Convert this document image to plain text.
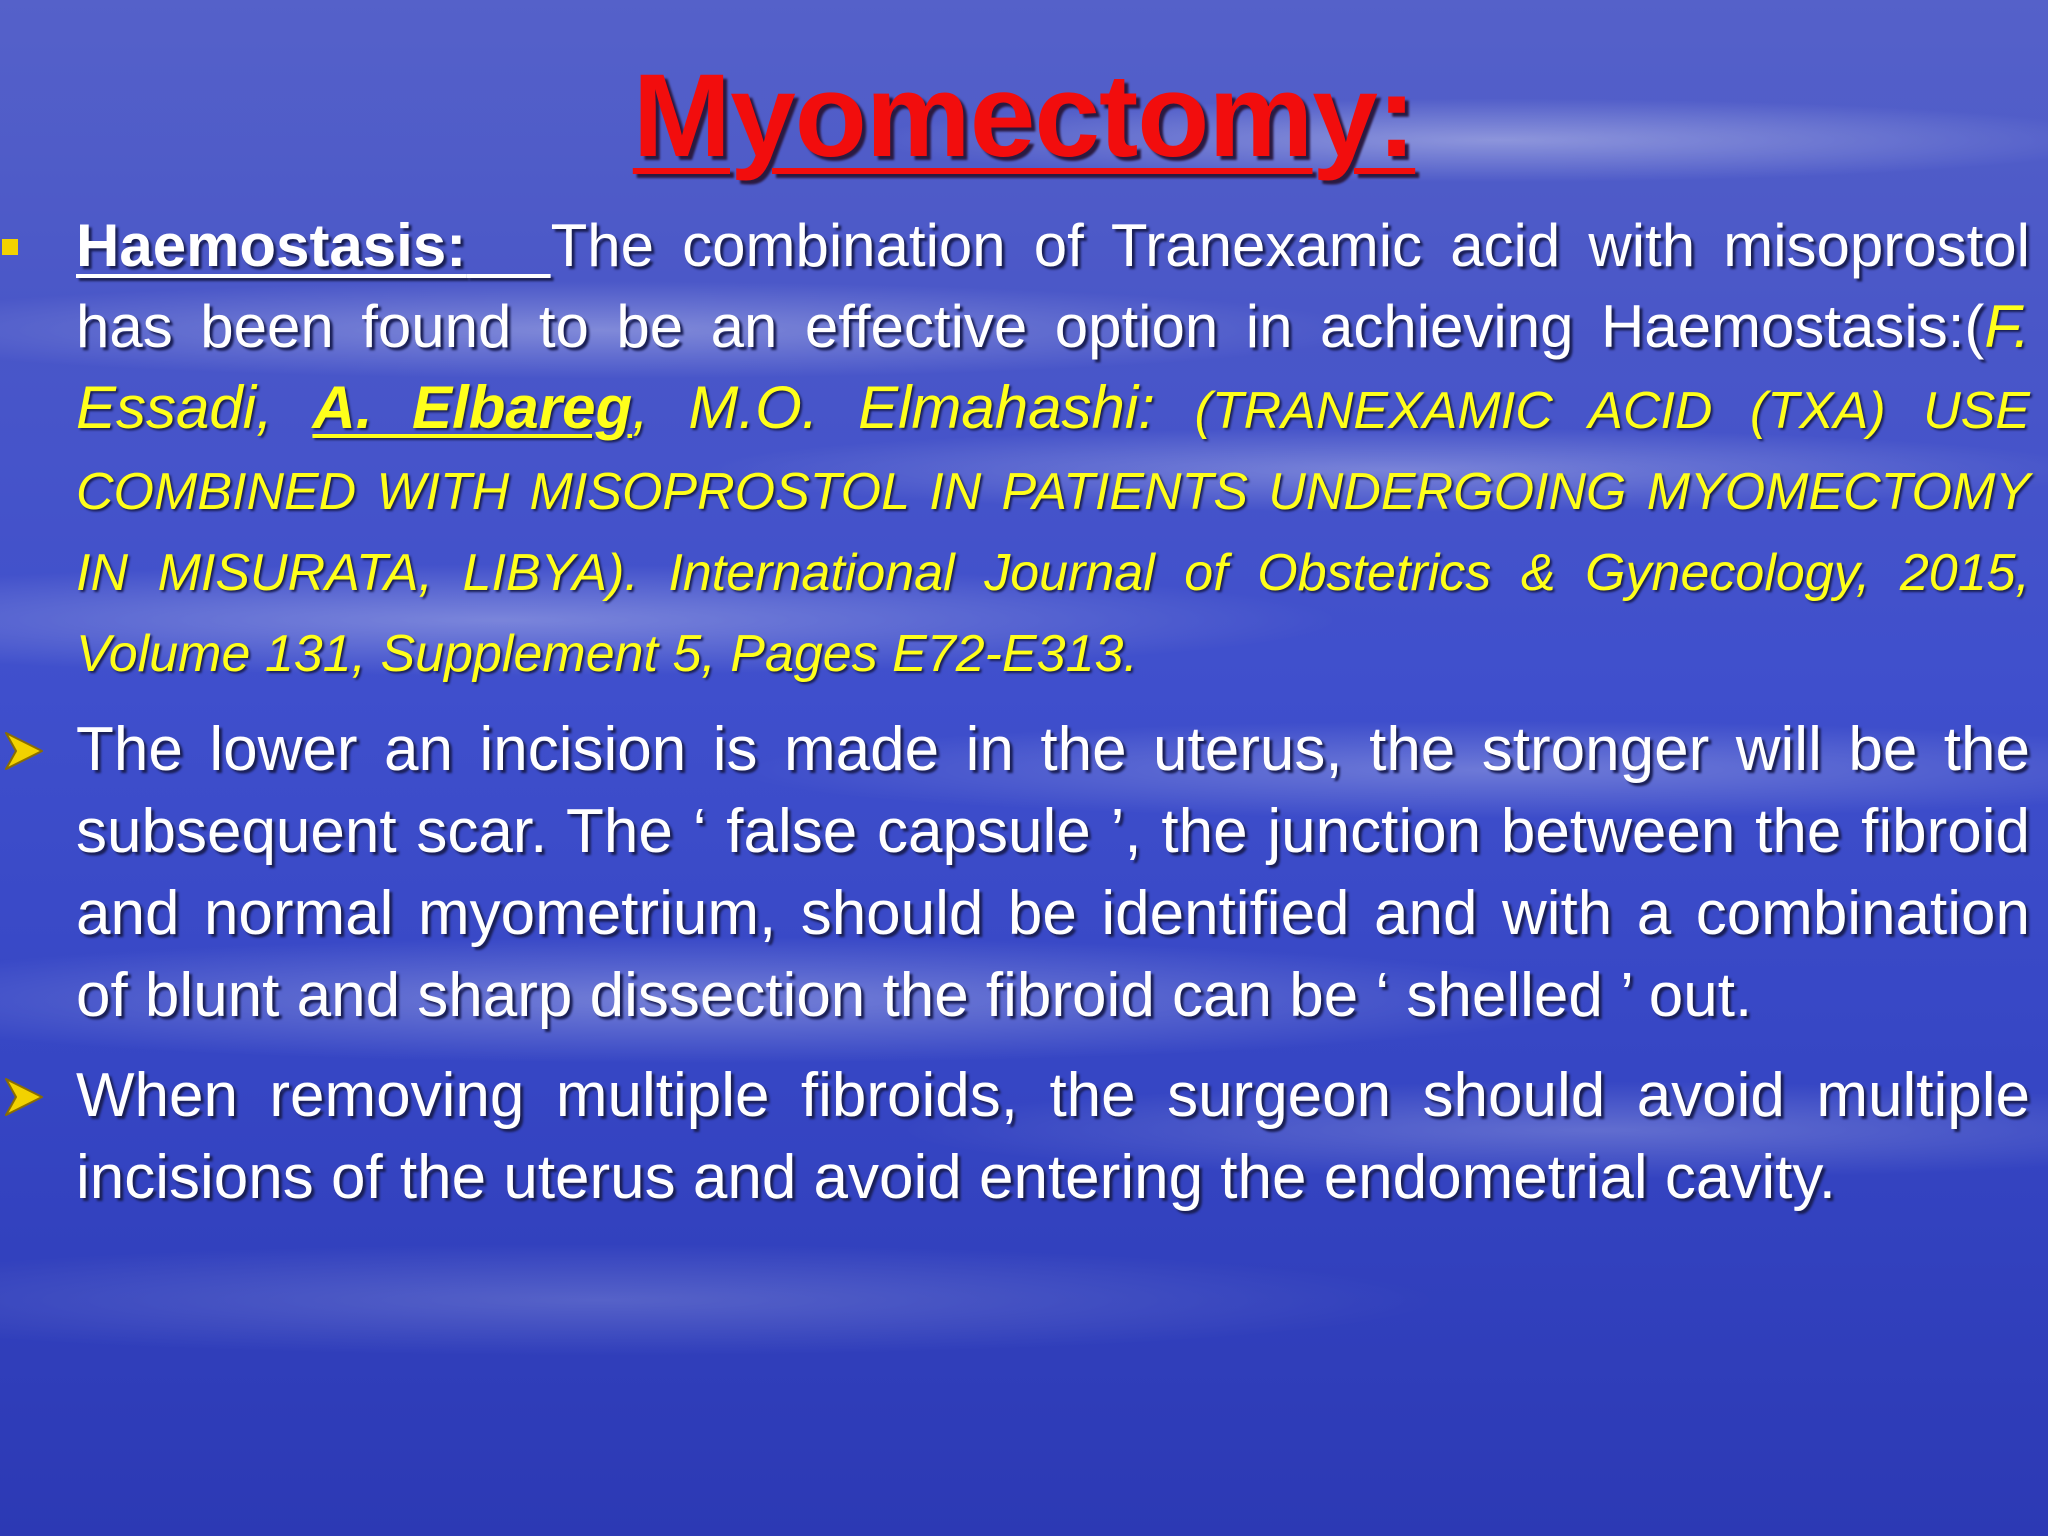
Myomectomy:
Haemostasis: The combination of Tranexamic acid with misoprostol has been found to be an effective option in achieving Haemostasis:(F. Essadi, A. Elbareg, M.O. Elmahashi: (TRANEXAMIC ACID (TXA) USE COMBINED WITH MISOPROSTOL IN PATIENTS UNDERGOING MYOMECTOMY IN MISURATA, LIBYA). International Journal of Obstetrics & Gynecology, 2015, Volume 131, Supplement 5, Pages E72-E313.
The lower an incision is made in the uterus, the stronger will be the subsequent scar. The ‘ false capsule ’, the junction between the fibroid and normal myometrium, should be identified and with a combination of blunt and sharp dissection the fibroid can be ‘ shelled ’ out.
When removing multiple fibroids, the surgeon should avoid multiple incisions of the uterus and avoid entering the endometrial cavity.
